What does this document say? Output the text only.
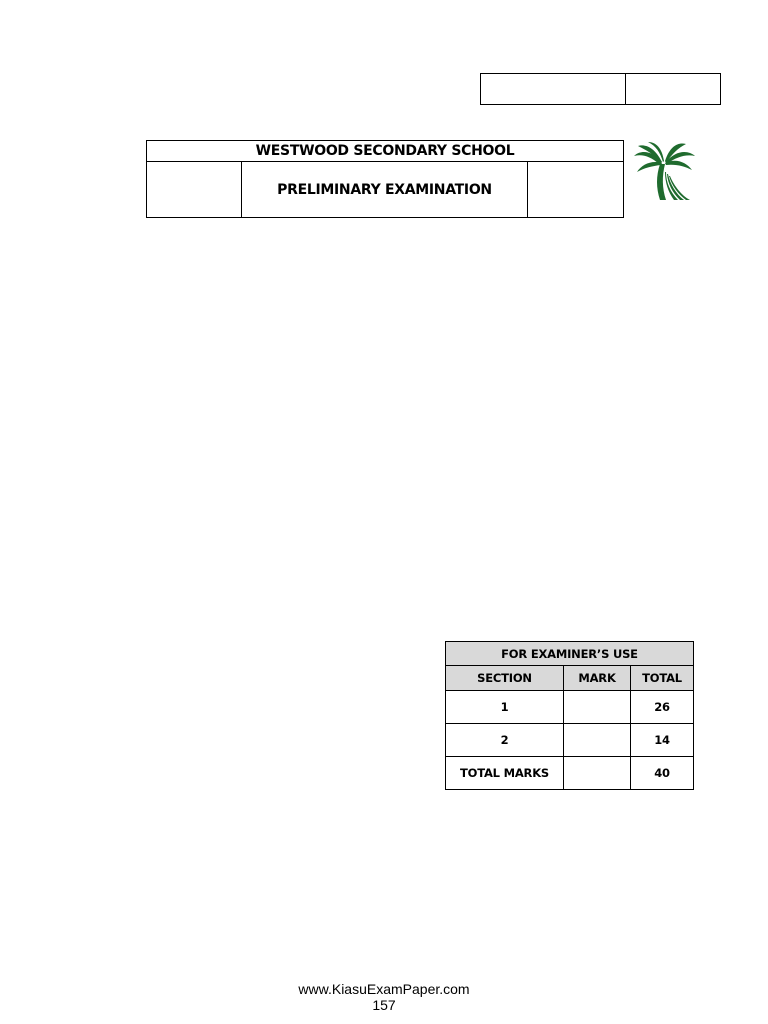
WESTWOOD SECONDARY SCHOOL
	PRELIMINARY EXAMINATION	
FOR EXAMINER’S USE		
SECTION	MARK	TOTAL
1		26
2		14
TOTAL MARKS		40
www.KiasuExamPaper.com
157
